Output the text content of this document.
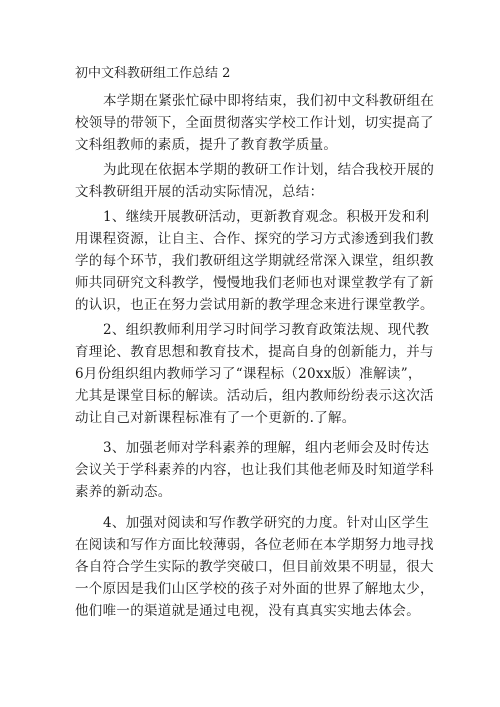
初中文科教研组工作总结 2
本学期在紧张忙碌中即将结束，我们初中文科教研组在
校领导的带领下，全面贯彻落实学校工作计划，切实提高了
文科组教师的素质，提升了教育教学质量。
为此现在依据本学期的教研工作计划，结合我校开展的
文科教研组开展的活动实际情况，总结：
1、继续开展教研活动，更新教育观念。积极开发和利
用课程资源，让自主、合作、探究的学习方式渗透到我们教
学的每个环节，我们教研组这学期就经常深入课堂，组织教
师共同研究文科教学，慢慢地我们老师也对课堂教学有了新
的认识，也正在努力尝试用新的教学理念来进行课堂教学。
2、组织教师利用学习时间学习教育政策法规、现代教
育理论、教育思想和教育技术，提高自身的创新能力，并与
6月份组织组内教师学习了“课程标（20xx版）准解读”，
尤其是课堂目标的解读。活动后，组内教师纷纷表示这次活
动让自己对新课程标准有了一个更新的.了解。
3、加强老师对学科素养的理解，组内老师会及时传达
会议关于学科素养的内容，也让我们其他老师及时知道学科
素养的新动态。
4、加强对阅读和写作教学研究的力度。针对山区学生
在阅读和写作方面比较薄弱，各位老师在本学期努力地寻找
各自符合学生实际的教学突破口，但目前效果不明显，很大
一个原因是我们山区学校的孩子对外面的世界了解地太少，
他们唯一的渠道就是通过电视，没有真真实实地去体会。
